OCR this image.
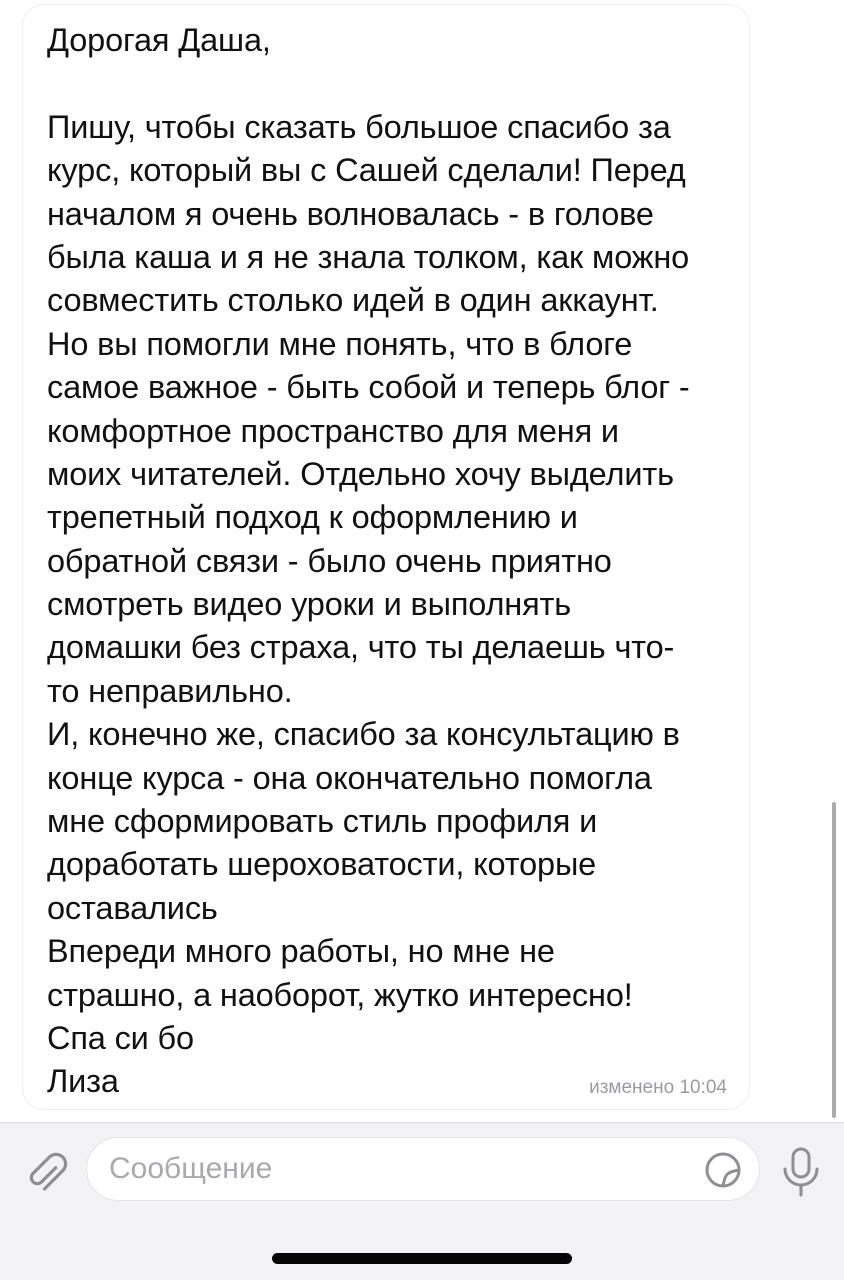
Дорогая Даша,
Пишу, чтобы сказать большое спасибо за
курс, который вы с Сашей сделали! Перед
началом я очень волновалась - в голове
была каша и я не знала толком, как можно
совместить столько идей в один аккаунт.
Но вы помогли мне понять, что в блоге
самое важное - быть собой и теперь блог -
комфортное пространство для меня и
моих читателей. Отдельно хочу выделить
трепетный подход к оформлению и
обратной связи - было очень приятно
смотреть видео уроки и выполнять
домашки без страха, что ты делаешь что-
то неправильно.
И, конечно же, спасибо за консультацию в
конце курса - она окончательно помогла
мне сформировать стиль профиля и
доработать шероховатости, которые
оставались
Впереди много работы, но мне не
страшно, а наоборот, жутко интересно!
Спа си бо
Лиза	изменено 10:04
Сообщение
